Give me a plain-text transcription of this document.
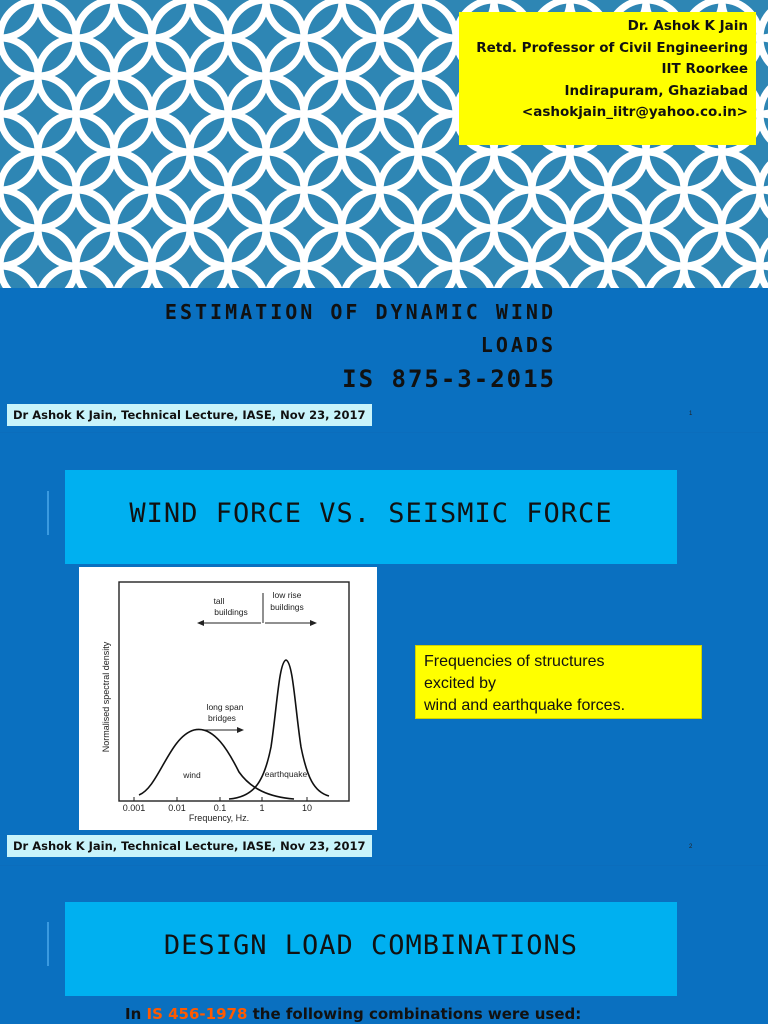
Dr. Ashok K Jain
Retd. Professor of Civil Engineering
IIT Roorkee
Indirapuram, Ghaziabad
<ashokjain_iitr@yahoo.co.in>
ESTIMATION OF DYNAMIC WIND
LOADS
IS 875-3-2015
Dr Ashok K Jain, Technical Lecture, IASE, Nov 23, 2017	1
WIND FORCE VS. SEISMIC FORCE
Normalised spectral density
0.001	0.01	0.1	1	10
Frequency, Hz.
tall
buildings
low rise
buildings
long span
bridges
wind	earthquake
Frequencies of structures
excited by
wind and earthquake forces.
Dr Ashok K Jain, Technical Lecture, IASE, Nov 23, 2017	2
DESIGN LOAD COMBINATIONS
In IS 456-1978 the following combinations were used:
